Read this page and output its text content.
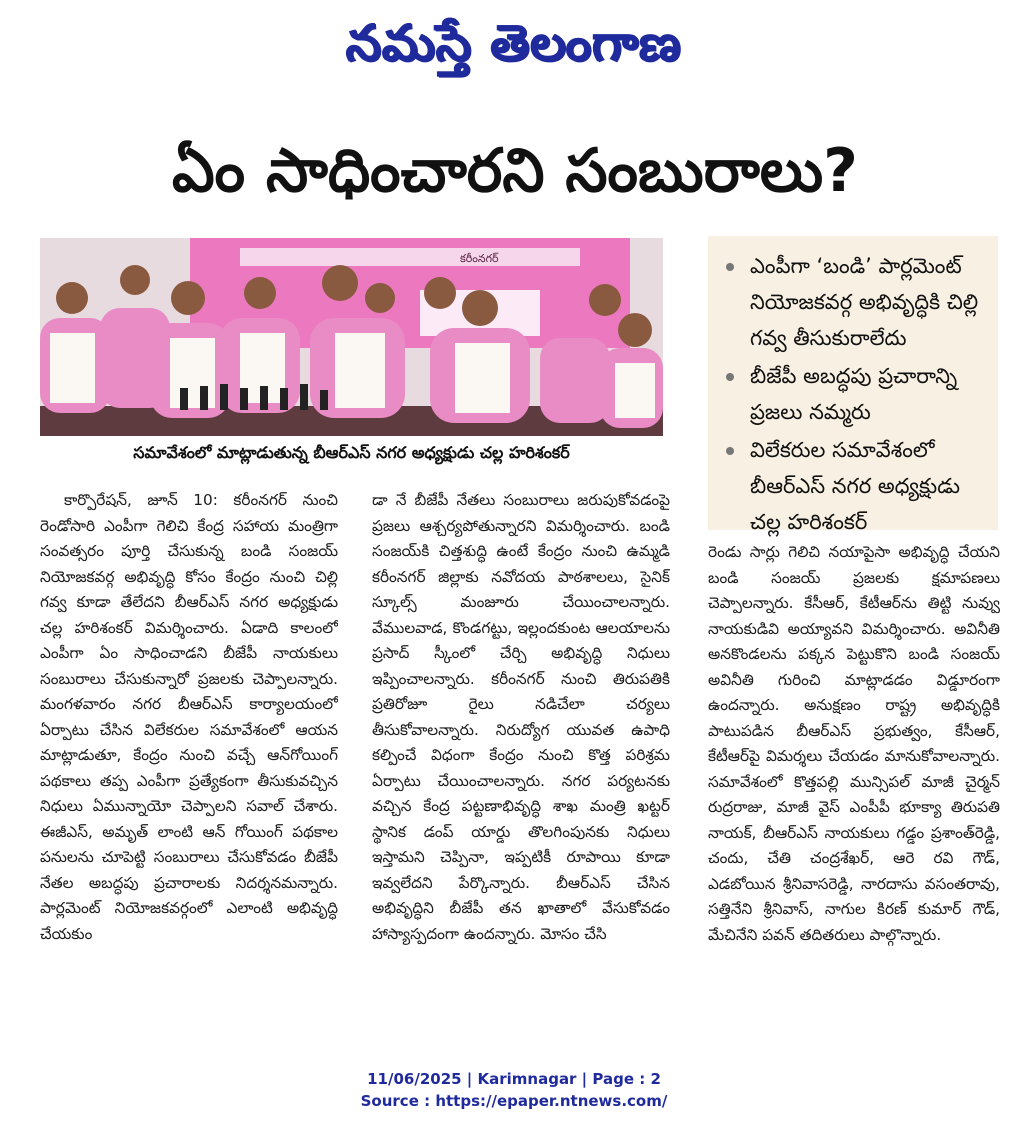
నమస్తే తెలంగాణ
ఏం సాధించారని సంబురాలు?
కరీంనగర్
సమావేశంలో మాట్లాడుతున్న బీఆర్ఎస్ నగర అధ్యక్షుడు చల్ల హరిశంకర్
ఎంపీగా ‘బండి’ పార్లమెంట్ నియోజకవర్గ అభివృద్ధికి చిల్లి గవ్వ తీసుకురాలేదు
బీజేపీ అబద్ధపు ప్రచారాన్ని ప్రజలు నమ్మరు
విలేకరుల సమావేశంలో బీఆర్ఎస్ నగర అధ్యక్షుడు చల్ల హరిశంకర్
కార్పొరేషన్, జూన్ 10: కరీంనగర్ నుంచి రెండోసారి ఎంపీగా గెలిచి కేంద్ర సహాయ మంత్రిగా సంవత్సరం పూర్తి చేసుకున్న బండి సంజయ్ నియోజకవర్గ అభివృద్ధి కోసం కేంద్రం నుంచి చిల్లి గవ్వ కూడా తేలేదని బీఆర్ఎస్ నగర అధ్యక్షుడు చల్ల హరిశంకర్ విమర్శించారు. ఏడాది కాలంలో ఎంపీగా ఏం సాధించాడని బీజేపీ నాయకులు సంబురాలు చేసుకున్నారో ప్రజలకు చెప్పాలన్నారు. మంగళవారం నగర బీఆర్ఎస్ కార్యాలయంలో ఏర్పాటు చేసిన విలేకరుల సమావేశంలో ఆయన మాట్లాడుతూ, కేంద్రం నుంచి వచ్చే ఆన్‌గోయింగ్ పథకాలు తప్ప ఎంపీగా ప్రత్యేకంగా తీసుకువచ్చిన నిధులు ఏమున్నాయో చెప్పాలని సవాల్ చేశారు. ఈజీఎస్, అమృత్ లాంటి ఆన్ గోయింగ్ పథకాల పనులను చూపెట్టి సంబురాలు చేసుకోవడం బీజేపీ నేతల అబద్ధపు ప్రచారాలకు నిదర్శనమన్నారు. పార్లమెంట్ నియోజకవర్గంలో ఎలాంటి అభివృద్ధి చేయకుం
డా నే బీజేపీ నేతలు సంబురాలు జరుపుకోవడంపై ప్రజలు ఆశ్చర్యపోతున్నారని విమర్శించారు. బండి సంజయ్‌కి చిత్తశుద్ధి ఉంటే కేంద్రం నుంచి ఉమ్మడి కరీంనగర్ జిల్లాకు నవోదయ పాఠశాలలు, సైనిక్ స్కూల్స్ మంజూరు చేయించాలన్నారు. వేములవాడ, కొండగట్టు, ఇల్లందకుంట ఆలయాలను ప్రసాద్ స్కీంలో చేర్చి అభివృద్ధి నిధులు ఇప్పించాలన్నారు. కరీంనగర్ నుంచి తిరుపతికి ప్రతిరోజూ రైలు నడిచేలా చర్యలు తీసుకోవాలన్నారు. నిరుద్యోగ యువత ఉపాధి కల్పించే విధంగా కేంద్రం నుంచి కొత్త పరిశ్రమ ఏర్పాటు చేయించాలన్నారు. నగర పర్యటనకు వచ్చిన కేంద్ర పట్టణాభివృద్ధి శాఖ మంత్రి ఖట్టర్ స్థానిక డంప్ యార్డు తొలగింపునకు నిధులు ఇస్తామని చెప్పినా, ఇప్పటికీ రూపాయి కూడా ఇవ్వలేదని పేర్కొన్నారు. బీఆర్ఎస్ చేసిన అభివృద్ధిని బీజేపీ తన ఖాతాలో వేసుకోవడం హాస్యాస్పదంగా ఉందన్నారు. మోసం చేసి
రెండు సార్లు గెలిచి నయాపైసా అభివృద్ధి చేయని బండి సంజయ్ ప్రజలకు క్షమాపణలు చెప్పాలన్నారు. కేసీఆర్, కేటీఆర్‌ను తిట్టి నువ్వు నాయకుడివి అయ్యావని విమర్శించారు. అవినీతి అనకొండలను పక్కన పెట్టుకొని బండి సంజయ్ అవినీతి గురించి మాట్లాడడం విడ్డూరంగా ఉందన్నారు. అనుక్షణం రాష్ట్ర అభివృద్ధికి పాటుపడిన బీఆర్ఎస్ ప్రభుత్వం, కేసీఆర్, కేటీఆర్‌పై విమర్శలు చేయడం మానుకోవాలన్నారు. సమావేశంలో కొత్తపల్లి మున్సిపల్ మాజీ చైర్మన్ రుద్రరాజు, మాజీ వైస్ ఎంపీపీ భూక్యా తిరుపతి నాయక్, బీఆర్ఎస్ నాయకులు గడ్డం ప్రశాంత్‌రెడ్డి, చందు, చేతి చంద్రశేఖర్, ఆరె రవి గౌడ్, ఎడబోయిన శ్రీనివాసరెడ్డి, నారదాసు వసంతరావు, సత్తినేని శ్రీనివాస్, నాగుల కిరణ్ కుమార్ గౌడ్, మేచినేని పవన్ తదితరులు పాల్గొన్నారు.
11/06/2025 | Karimnagar | Page : 2
Source : https://epaper.ntnews.com/
